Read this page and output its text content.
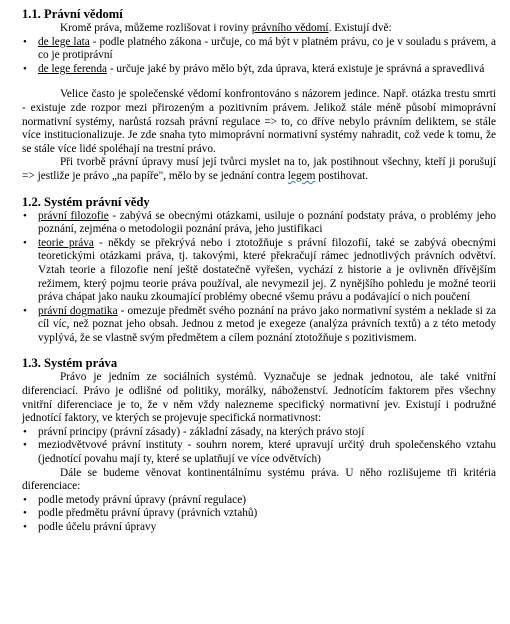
1.1. Právní vědomí

Kromě práva, můžeme rozlišovat i roviny právního vědomí. Existují dvě:

• de lege lata - podle platného zákona - určuje, co má být v platném právu, co je v souladu s právem, a co je protiprávní
• de lege ferenda - určuje jaké by právo mělo být, zda úprava, která existuje je správná a spravedlivá

Velice často je společenské vědomí konfrontováno s názorem jedince. Např. otázka trestu smrti - existuje zde rozpor mezi přirozeným a pozitivním právem. Jelikož stále méně působí mimoprávní normativní systémy, narůstá rozsah právní regulace => to, co dříve nebylo právním deliktem, se stále více institucionalizuje. Je zde snaha tyto mimoprávní normativní systémy nahradit, což vede k tomu, že se stále více lidé spoléhají na trestní právo.

Při tvorbě právní úpravy musí její tvůrci myslet na to, jak postihnout všechny, kteří ji porušují => jestliže je právo „na papíře", mělo by se jednání contra legem postihovat.

1.2. Systém právní vědy
• právní filozofie - zabývá se obecnými otázkami, usiluje o poznání podstaty práva, o problémy jeho poznání, zejména o metodologii poznání práva, jeho justifikaci
• teorie práva - někdy se překrývá nebo i ztotožňuje s právní filozofií, také se zabývá obecnými teoretickými otázkami práva, tj. takovými, které překračují rámec jednotlivých právních odvětví. Vztah teorie a filozofie není ještě dostatečně vyřešen, vychází z historie a je ovlivněn dřívějším režimem, který pojmu teorie práva používal, ale nevymezil jej. Z nynějšího pohledu je možné teorii práva chápat jako nauku zkoumající problémy obecné všemu právu a podávající o nich poučení
• právní dogmatika - omezuje předmět svého poznání na právo jako normativní systém a neklade si za cíl víc, než poznat jeho obsah. Jednou z metod je exegeze (analýza právních textů) a z této metody vyplývá, že se vlastně svým předmětem a cílem poznání ztotožňuje s pozitivismem.
1.3. Systém práva

Právo je jedním ze sociálních systémů. Vyznačuje se jednak jednotou, ale také vnitřní diferenciací. Právo je odlišné od politiky, morálky, náboženství. Jednotícím faktorem přes všechny vnitřní diferenciace je to, že v něm vždy nalezneme specifický normativní jev. Existují i podružné jednotící faktory, ve kterých se projevuje specifická normativnost:

• právní principy (právní zásady) - základní zásady, na kterých právo stojí
• meziodvětvové právní instituty - souhrn norem, které upravují určitý druh společenského vztahu (jednotící povahu mají ty, které se uplatňují ve více odvětvích)

Dále se budeme věnovat kontinentálnímu systému práva. U něho rozlišujeme tři kritéria diferenciace:

• podle metody právní úpravy (právní regulace)
• podle předmětu právní úpravy (právních vztahů)
• podle účelu právní úpravy
